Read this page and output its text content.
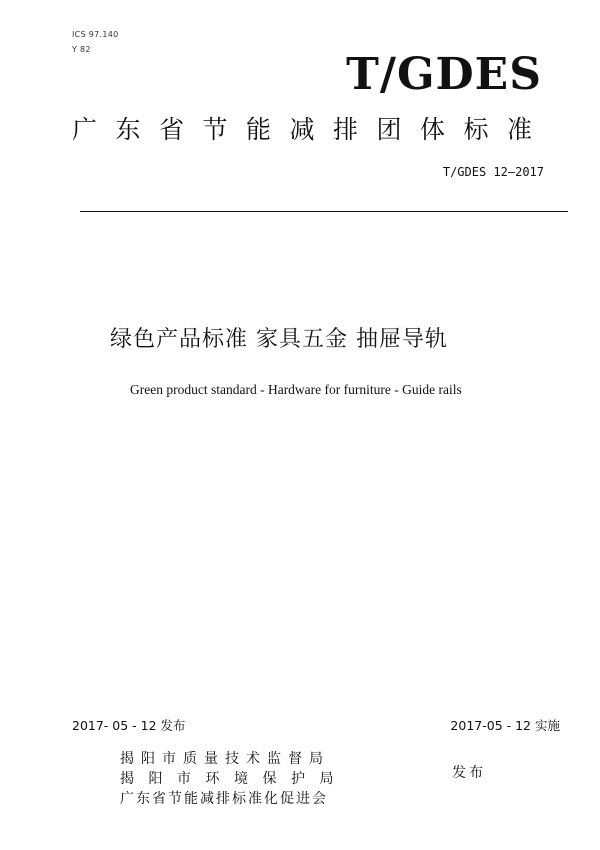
ICS 97.140
Y 82	T/GDES
广东省节能减排团体标准
T/GDES 12—2017
绿色产品标准 家具五金 抽屉导轨
Green product standard - Hardware for furniture - Guide rails
2017- 05 - 12 发布	2017-05 - 12 实施
揭阳市质量技术监督局
揭阳市环境保护局
广东省节能减排标准化促进会
发布
